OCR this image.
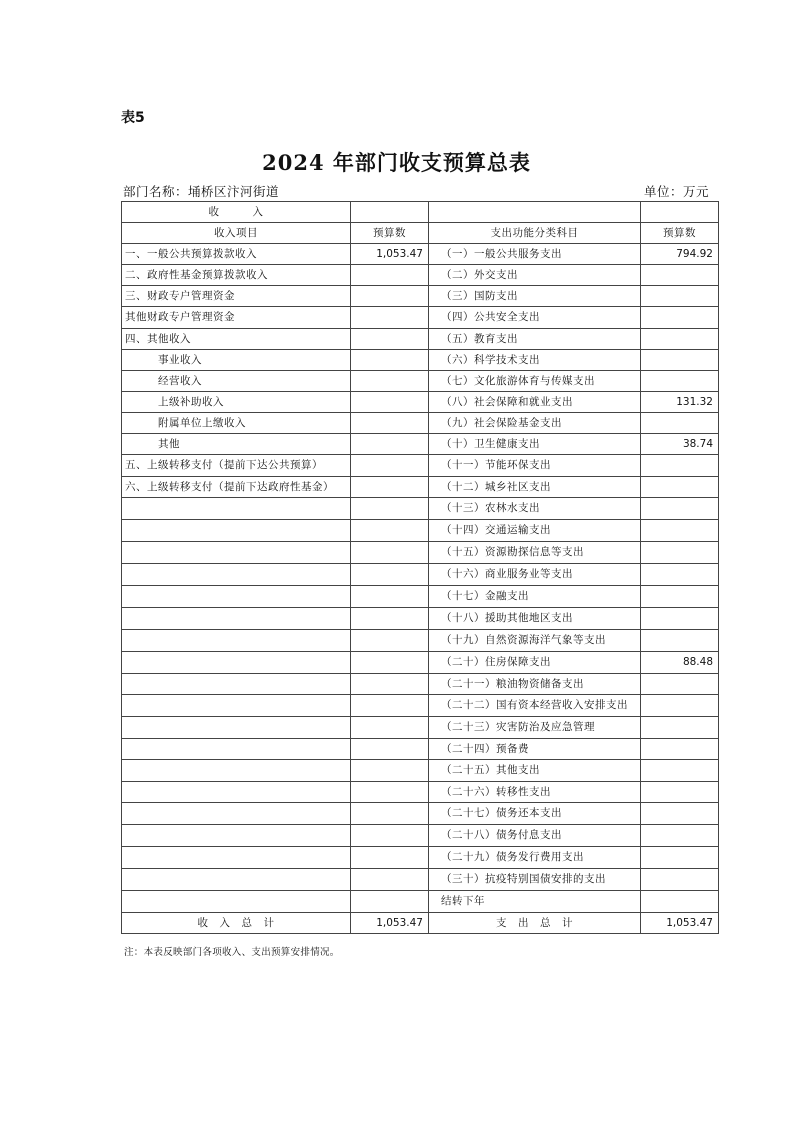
表5
2024 年部门收支预算总表
部门名称：埇桥区汴河街道	单位：万元
收　　　入			
收入项目	预算数	支出功能分类科目	预算数
一、一般公共预算拨款收入	1,053.47	（一）一般公共服务支出	794.92
二、政府性基金预算拨款收入		（二）外交支出	
三、财政专户管理资金		（三）国防支出	
其他财政专户管理资金		（四）公共安全支出	
四、其他收入		（五）教育支出	
事业收入		（六）科学技术支出	
经营收入		（七）文化旅游体育与传媒支出	
上级补助收入		（八）社会保障和就业支出	131.32
附属单位上缴收入		（九）社会保险基金支出	
其他		（十）卫生健康支出	38.74
五、上级转移支付（提前下达公共预算）		（十一）节能环保支出	
六、上级转移支付（提前下达政府性基金）		（十二）城乡社区支出	
		（十三）农林水支出	
		（十四）交通运输支出	
		（十五）资源勘探信息等支出	
		（十六）商业服务业等支出	
		（十七）金融支出	
		（十八）援助其他地区支出	
		（十九）自然资源海洋气象等支出	
		（二十）住房保障支出	88.48
		（二十一）粮油物资储备支出	
		（二十二）国有资本经营收入安排支出	
		（二十三）灾害防治及应急管理	
		（二十四）预备费	
		（二十五）其他支出	
		（二十六）转移性支出	
		（二十七）债务还本支出	
		（二十八）债务付息支出	
		（二十九）债务发行费用支出	
		（三十）抗疫特别国债安排的支出	
		结转下年	
收　入　总　计	1,053.47	支　出　总　计	1,053.47
注：本表反映部门各项收入、支出预算安排情况。
